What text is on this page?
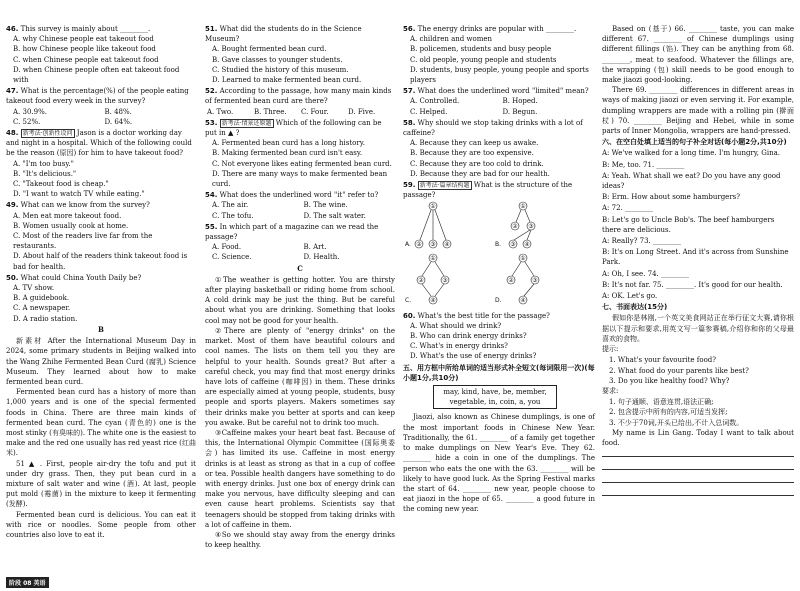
46. This survey is mainly about ________.

A. why Chinese people eat takeout food

B. how Chinese people like takeout food

C. when Chinese people eat takeout food

D. when Chinese people often eat takeout food with

47. What is the percentage(%) of the people eating takeout food every week in the survey?
A. 30.9%.	B. 48%.
C. 52%.	D. 64%.
48. 新考法·创新性设问 Jason is a doctor working day and night in a hospital. Which of the following could be the reason (原因) for him to have takeout food?

A. "I'm too busy."

B. "It's delicious."

C. "Takeout food is cheap."

D. "I want to watch TV while eating."

49. What can we know from the survey?

A. Men eat more takeout food.

B. Women usually cook at home.

C. Most of the readers live far from the restaurants.

D. About half of the readers think takeout food is bad for health.

50. What could China Youth Daily be?

A. TV show.

B. A guidebook.

C. A newspaper.

D. A radio station.

B

新素材 After the International Museum Day in 2024, some primary students in Beijing walked into the Wang Zhihe Fermented Bean Curd (腐乳) Science Museum. They learned about how to make fermented bean curd.

Fermented bean curd has a history of more than 1,000 years and is one of the special fermented foods in China. There are three main kinds of fermented bean curd. The cyan (青色的) one is the most stinky (有臭味的). The white one is the easiest to make and the red one usually has red yeast rice (红曲米).

51 ▲ . First, people air-dry the tofu and put it under dry grass. Then, they put bean curd in a mixture of salt water and wine (酒). At last, people put mold (霉菌) in the mixture to keep it fermenting (发酵).

Fermented bean curd is delicious. You can eat it with rice or noodles. Some people from other countries also love to eat it.

51. What did the students do in the Science Museum?

A. Bought fermented bean curd.

B. Gave classes to younger students.

C. Studied the history of this museum.

D. Learned to make fermented bean curd.

52. According to the passage, how many main kinds of fermented bean curd are there?
A. Two.	B. Three.	C. Four.	D. Five.
53. 新考法·情景还原题 Which of the following can be put in ▲ ?

A. Fermented bean curd has a long history.

B. Making fermented bean curd isn't easy.

C. Not everyone likes eating fermented bean curd.

D. There are many ways to make fermented bean curd.

54. What does the underlined word "it" refer to?
A. The air.	B. The wine.
C. The tofu.	D. The salt water.
55. In which part of a magazine can we read the passage?
A. Food.	B. Art.
C. Science.	D. Health.
C

①The weather is getting hotter. You are thirsty after playing basketball or riding home from school. A cold drink may be just the thing. But be careful about what you are drinking. Something that looks cool may not be good for your health.

②There are plenty of "energy drinks" on the market. Most of them have beautiful colours and cool names. The lists on them tell you they are helpful to your health. Sounds great? But after a careful check, you may find that most energy drinks have lots of caffeine (咖啡因) in them. These drinks are especially aimed at young people, students, busy people and sports players. Makers sometimes say their drinks make you better at sports and can keep you awake. But be careful not to drink too much.

③Caffeine makes your heart beat fast. Because of this, the International Olympic Committee (国际奥委会) has limited its use. Caffeine in most energy drinks is at least as strong as that in a cup of coffee or tea. Possible health dangers have something to do with energy drinks. Just one box of energy drink can make you nervous, have difficulty sleeping and can even cause heart problems. Scientists say that teenagers should be stopped from taking drinks with a lot of caffeine in them.

④So we should stay away from the energy drinks to keep healthy.

56. The energy drinks are popular with ________.

A. children and women

B. policemen, students and busy people

C. old people, young people and students

D. students, busy people, young people and sports players

57. What does the underlined word "limited" mean?
A. Controlled.	B. Hoped.
C. Helped.	D. Begun.
58. Why should we stop taking drinks with a lot of caffeine?

A. Because they can keep us awake.

B. Because they are too expensive.

C. Because they are too cold to drink.

D. Because they are bad for our health.

59. 新考法·篇章结构题 What is the structure of the passage?
①
② ③ ④
①
② ③
③ ④
①
②	③
④
①
②	③
④
A.	B.
C.	D.
60. What's the best title for the passage?

A. What should we drink?

B. Who can drink energy drinks?

C. What's in energy drinks?

D. What's the use of energy drinks?

五、用方框中所给单词的适当形式补全短文(每词限用一次)(每小题1分,共10分)
may, kind, have, be, member, vegetable, in, coin, a, you

Jiaozi, also known as Chinese dumplings, is one of the most important foods in Chinese New Year. Traditionally, the 61. ________ of a family get together to make dumplings on New Year's Eve. They 62. ________ hide a coin in one of the dumplings. The person who eats the one with the 63. ________ will be likely to have good luck. As the Spring Festival marks the start of 64. ________ new year, people choose to eat jiaozi in the hope of 65. ________ a good future in the coming new year.

Based on (基于) 66. ________ taste, you can make different 67. ________ of Chinese dumplings using different fillings (馅). They can be anything from 68. ________, meat to seafood. Whatever the fillings are, the wrapping (包) skill needs to be good enough to make jiaozi good-looking.

There 69. ________ differences in different areas in ways of making jiaozi or even serving it. For example, dumpling wrappers are made with a rolling pin (擀面杖) 70. ________ Beijing and Hebei, while in some parts of Inner Mongolia, wrappers are hand-pressed.

六、在空白处填上适当的句子补全对话(每小题2分,共10分)

A: We've walked for a long time. I'm hungry, Gina.

B: Me, too. 71. ________

A: Yeah. What shall we eat? Do you have any good ideas?

B: Erm. How about some hamburgers?

A: 72. ________

B: Let's go to Uncle Bob's. The beef hamburgers there are delicious.

A: Really? 73. ________

B: It's on Long Street. And it's across from Sunshine Park.

A: Oh, I see. 74. ________

B: It's not far. 75. ________. It's good for our health.

A: OK. Let's go.

七、书面表达(15分)

假如你是林刚,一个英文美食网站正在举行征文大赛,请你根据以下提示和要求,用英文写一篇参赛稿,介绍你和你的父母最喜欢的食物。

提示:

1. What's your favourite food?

2. What food do your parents like best?

3. Do you like healthy food? Why?

要求:

1. 句子通顺、语意连贯,语法正确;

2. 包含提示中所有的内容,可适当发挥;

3. 不少于70词,开头已给出,不计入总词数。

My name is Lin Gang. Today I want to talk about food.

阶段 08 英语
